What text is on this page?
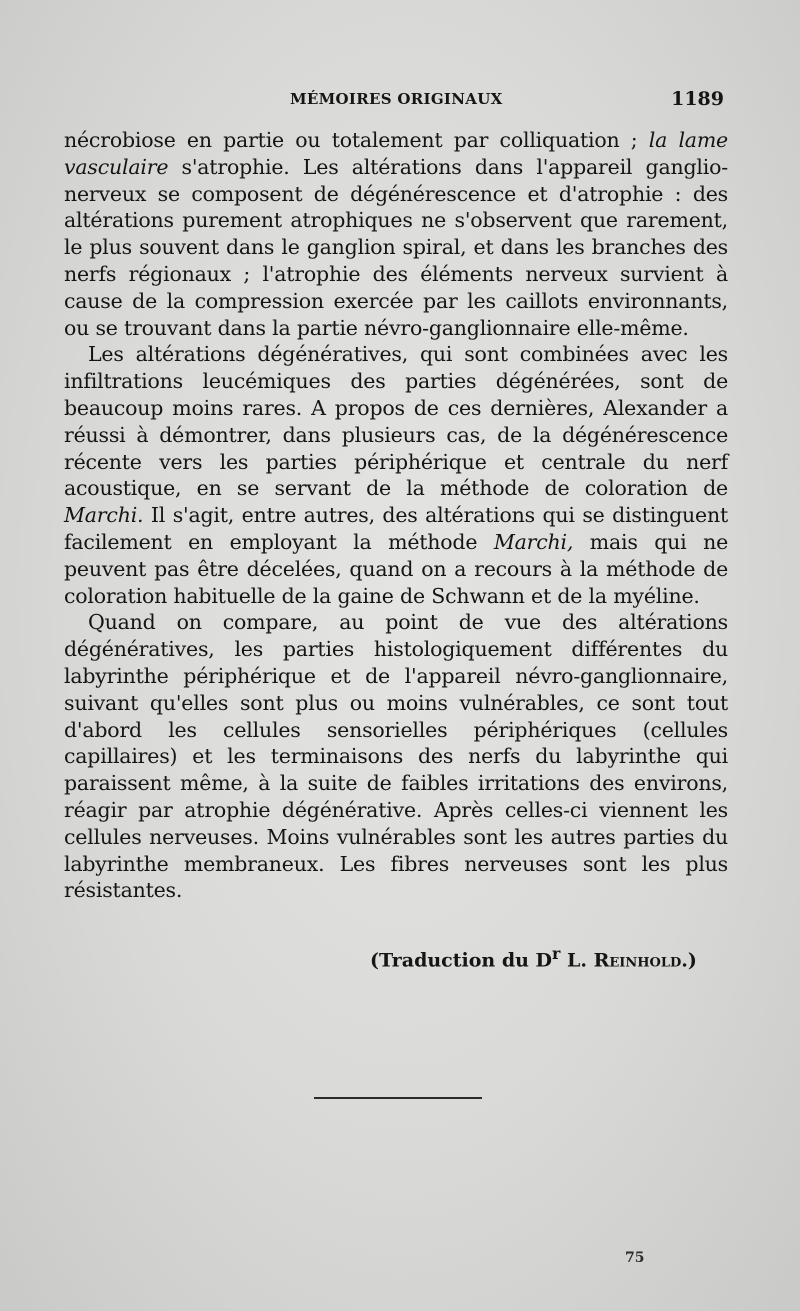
MÉMOIRES ORIGINAUX	1189

nécrobiose en partie ou totalement par colliquation ; la lame vasculaire s'atrophie. Les altérations dans l'appareil ganglio-nerveux se composent de dégénérescence et d'atrophie : des altérations purement atrophiques ne s'observent que rarement, le plus souvent dans le ganglion spiral, et dans les branches des nerfs régionaux ; l'atrophie des éléments nerveux survient à cause de la compression exercée par les caillots environnants, ou se trouvant dans la partie névro-ganglionnaire elle-même.

Les altérations dégénératives, qui sont combinées avec les infiltrations leucémiques des parties dégénérées, sont de beaucoup moins rares. A propos de ces dernières, Alexander a réussi à démontrer, dans plusieurs cas, de la dégénérescence récente vers les parties périphérique et centrale du nerf acoustique, en se servant de la méthode de coloration de Marchi. Il s'agit, entre autres, des altérations qui se distinguent facilement en employant la méthode Marchi, mais qui ne peuvent pas être décelées, quand on a recours à la méthode de coloration habituelle de la gaine de Schwann et de la myéline.

Quand on compare, au point de vue des altérations dégénératives, les parties histologiquement différentes du labyrinthe périphérique et de l'appareil névro-ganglionnaire, suivant qu'elles sont plus ou moins vulnérables, ce sont tout d'abord les cellules sensorielles périphériques (cellules capillaires) et les terminaisons des nerfs du labyrinthe qui paraissent même, à la suite de faibles irritations des environs, réagir par atrophie dégénérative. Après celles-ci viennent les cellules nerveuses. Moins vulnérables sont les autres parties du labyrinthe membraneux. Les fibres nerveuses sont les plus résistantes.

(Traduction du $D^r$ L. Reinhold.)
75
